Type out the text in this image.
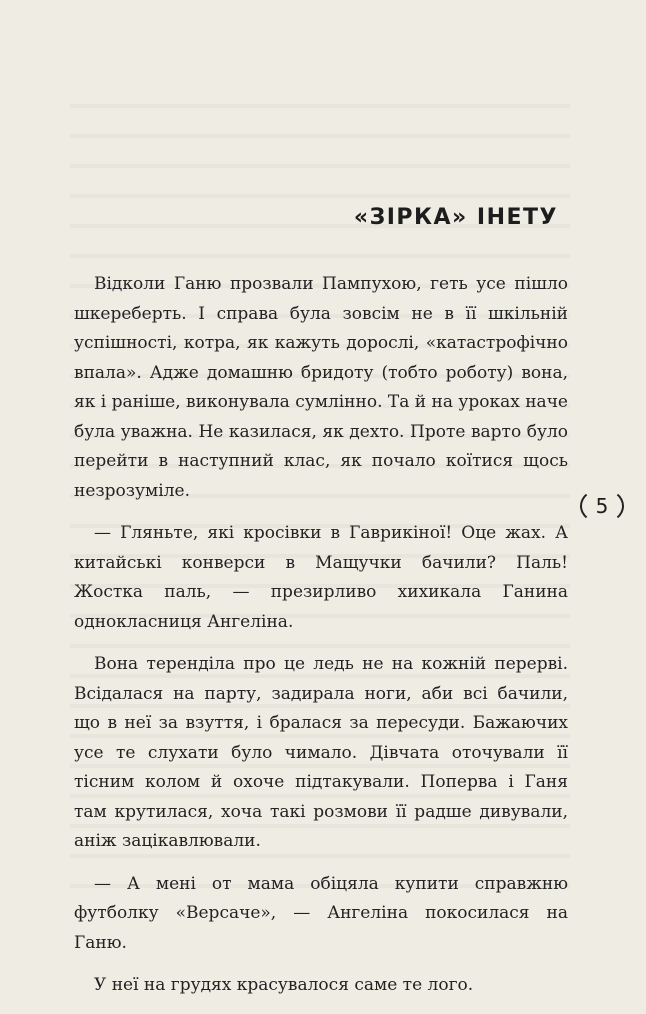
«ЗІРКА» ІНЕТУ

Відколи Ганю прозвали Пампухою, геть усе пішло шкереберть. І справа була зовсім не в її шкільній успішності, котра, як кажуть дорослі, «катастрофічно впала». Адже домашню бридоту (тобто роботу) вона, як і раніше, виконувала сумлінно. Та й на уроках наче була уважна. Не казилася, як дехто. Проте варто було перейти в наступний клас, як почало коїтися щось незрозуміле.

— Гляньте, які кросівки в Гаврикіної! Оце жах. А китайські конверси в Мащучки бачили? Паль! Жостка паль, — презирливо хихикала Ганина однокласниця Ангеліна.

Вона терендiла про це ледь не на кожній перерві. Всідалася на парту, задирала ноги, аби всі бачили, що в неї за взуття, і бралася за пересуди. Бажаючих усе те слухати було чимало. Дівчата оточували її тісним колом й охоче підтакували. Поперва і Ганя там крутилася, хоча такі розмови її радше дивували, аніж зацікавлювали.

— А мені от мама обіцяла купити справжню футболку «Версаче», — Ангеліна покосилася на Ганю.

У неї на грудях красувалося саме те лого.

5
